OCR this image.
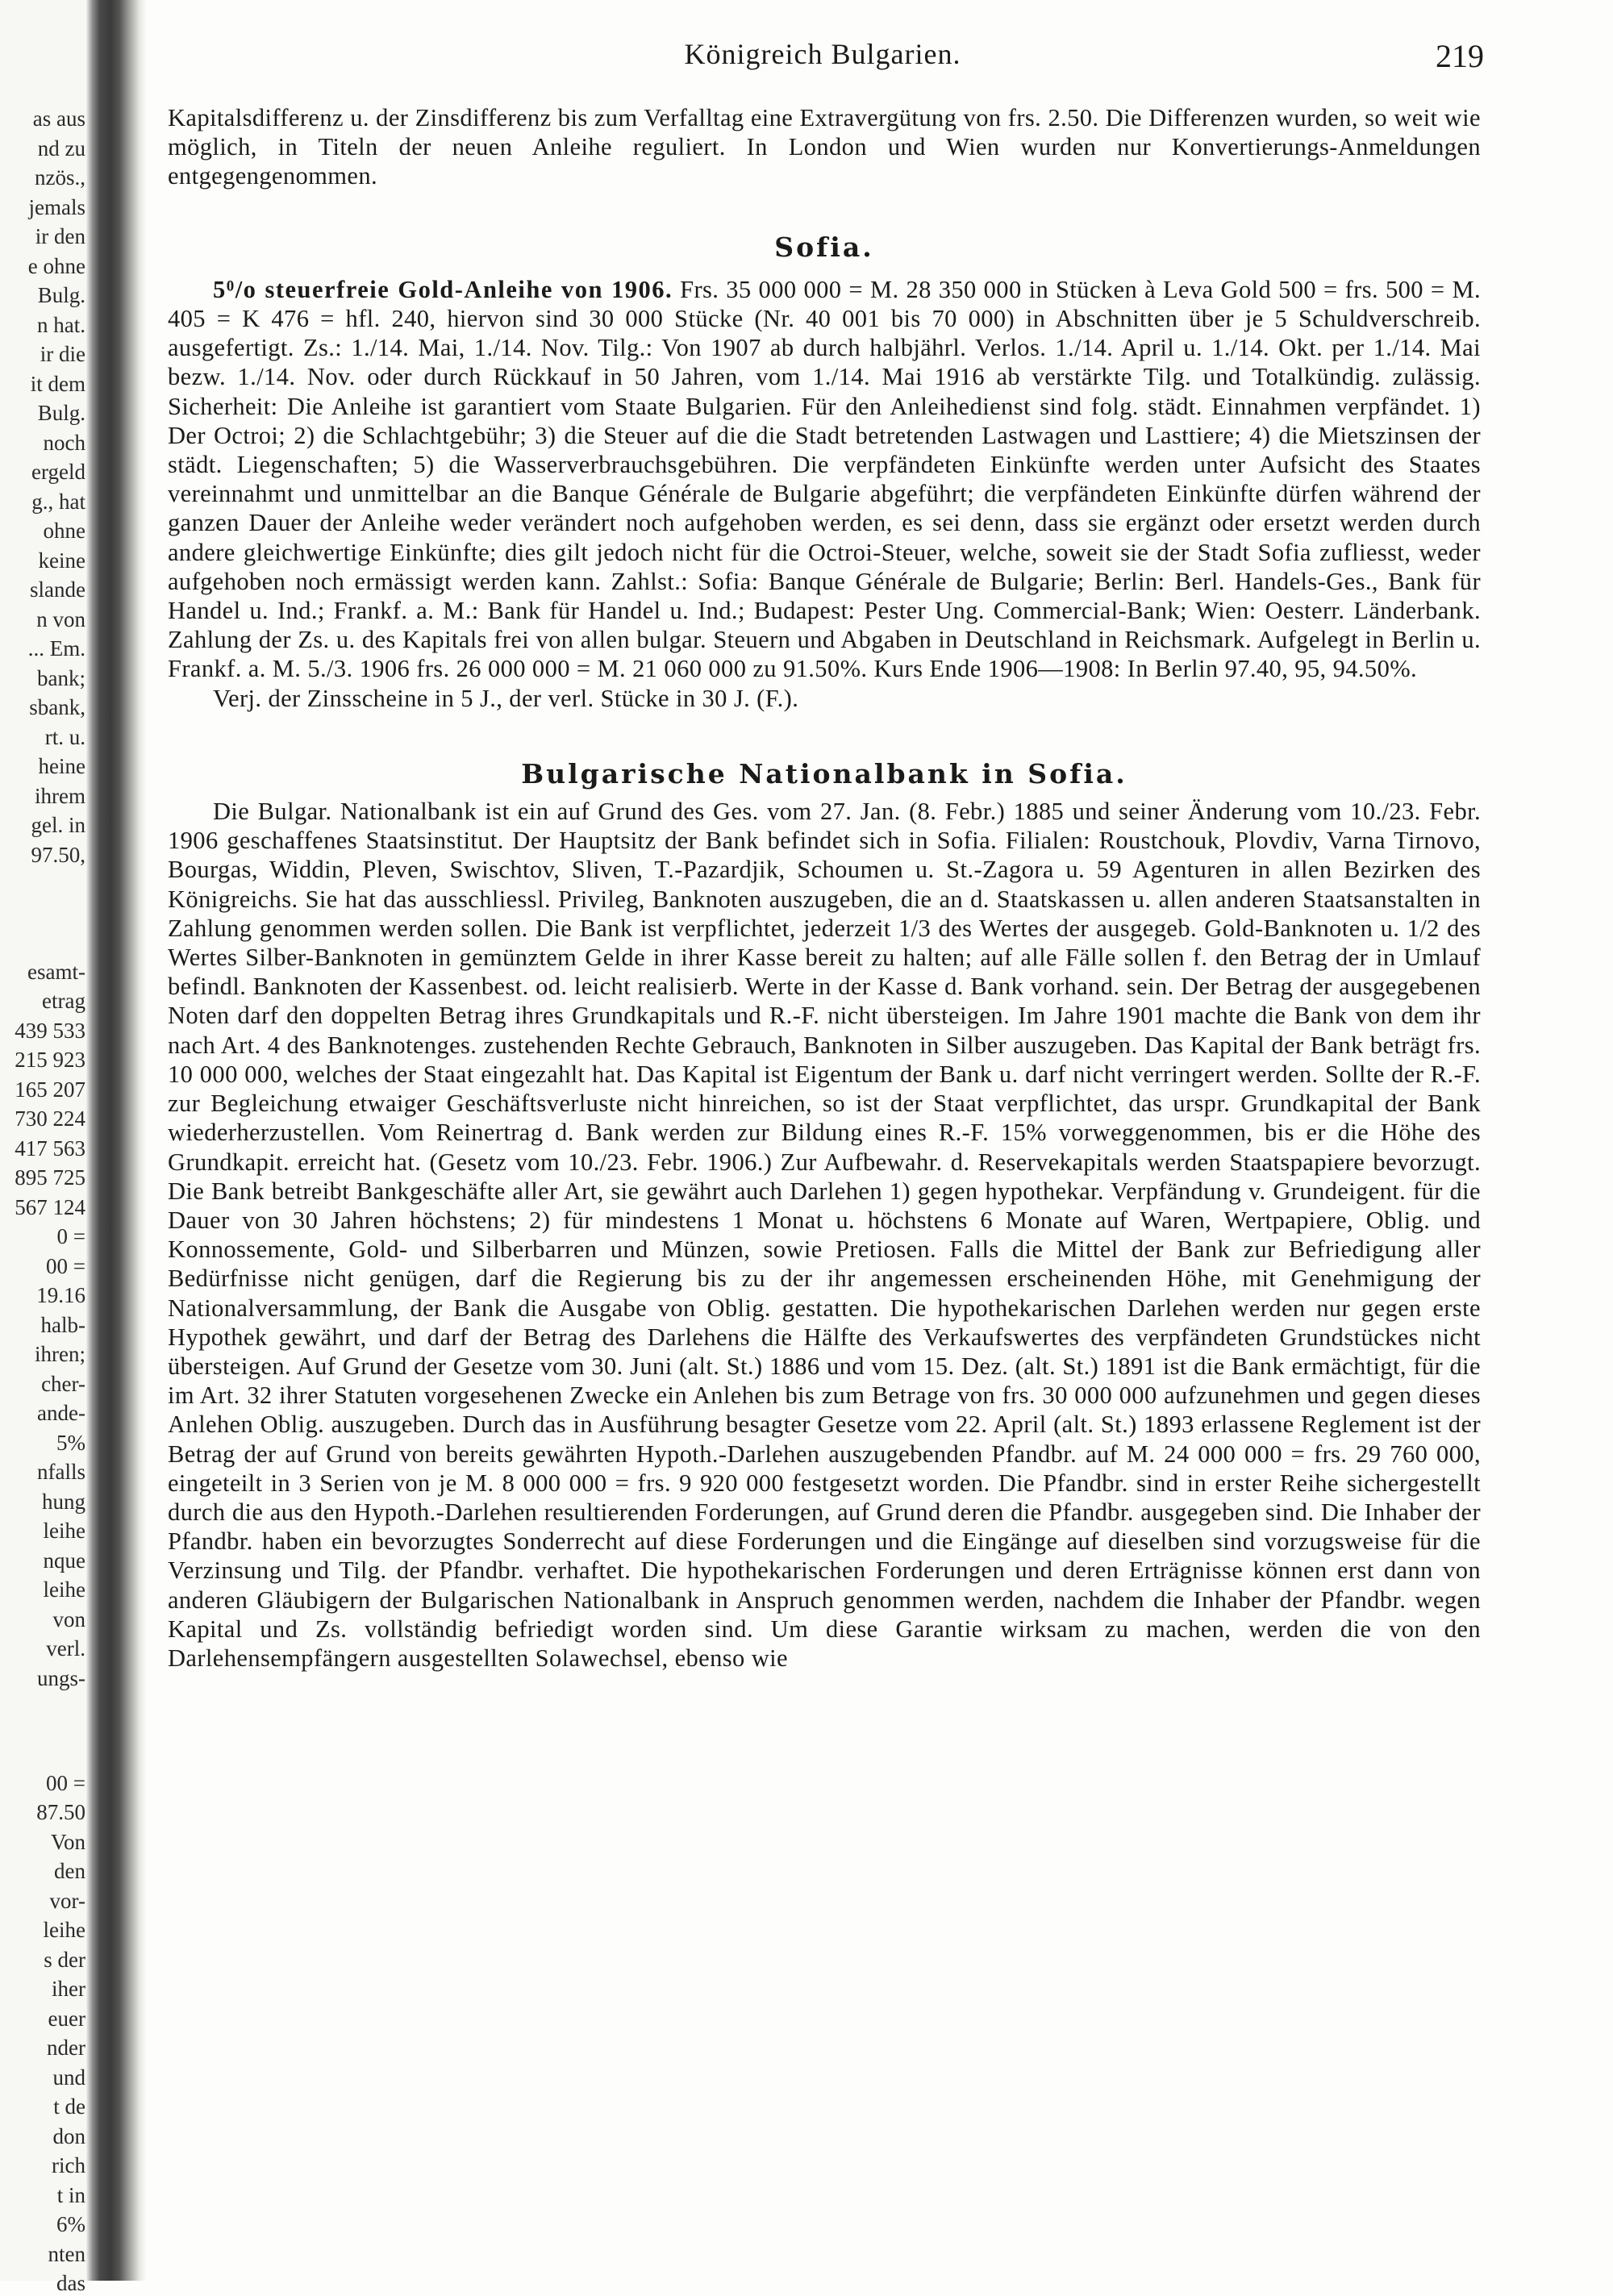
as aus
nd zu
nzös.,
jemals
ir den
e ohne
Bulg.
n hat.
ir die
it dem
Bulg.
noch
ergeld
g., hat
ohne
keine
slande
n von
... Em.
bank;
sbank,
rt. u.
heine
ihrem
gel. in
97.50,
esamt-
etrag
439 533
215 923
165 207
730 224
417 563
895 725
567 124
0 =
00 =
19.16
halb-
ihren;
cher-
ande-
5%
nfalls
hung
leihe
nque
leihe
von
verl.
ungs-
00 =
87.50
Von
den
vor-
leihe
s der
iher
euer
nder
und
t de
don
rich
t in
6%
nten
das
Königreich Bulgarien.	219

Kapitalsdifferenz u. der Zinsdifferenz bis zum Verfalltag eine Extravergütung von frs. 2.50. Die Differenzen wurden, so weit wie möglich, in Titeln der neuen Anleihe reguliert. In London und Wien wurden nur Konvertierungs-Anmeldungen entgegengenommen.

Sofia.

$5^0/o$ steuerfreie Gold-Anleihe von 1906. Frs. 35 000 000 = M. 28 350 000 in Stücken à Leva Gold 500 = frs. 500 = M. 405 = K 476 = hfl. 240, hiervon sind 30 000 Stücke (Nr. 40 001 bis 70 000) in Abschnitten über je 5 Schuldverschreib. ausgefertigt. Zs.: 1./14. Mai, 1./14. Nov. Tilg.: Von 1907 ab durch halbjährl. Verlos. 1./14. April u. 1./14. Okt. per 1./14. Mai bezw. 1./14. Nov. oder durch Rückkauf in 50 Jahren, vom 1./14. Mai 1916 ab verstärkte Tilg. und Totalkündig. zulässig. Sicherheit: Die Anleihe ist garantiert vom Staate Bulgarien. Für den Anleihedienst sind folg. städt. Einnahmen verpfändet. 1) Der Octroi; 2) die Schlachtgebühr; 3) die Steuer auf die die Stadt betretenden Lastwagen und Lasttiere; 4) die Mietszinsen der städt. Liegenschaften; 5) die Wasserverbrauchsgebühren. Die verpfändeten Einkünfte werden unter Aufsicht des Staates vereinnahmt und unmittelbar an die Banque Générale de Bulgarie abgeführt; die verpfändeten Einkünfte dürfen während der ganzen Dauer der Anleihe weder verändert noch aufgehoben werden, es sei denn, dass sie ergänzt oder ersetzt werden durch andere gleichwertige Einkünfte; dies gilt jedoch nicht für die Octroi-Steuer, welche, soweit sie der Stadt Sofia zufliesst, weder aufgehoben noch ermässigt werden kann. Zahlst.: Sofia: Banque Générale de Bulgarie; Berlin: Berl. Handels-Ges., Bank für Handel u. Ind.; Frankf. a. M.: Bank für Handel u. Ind.; Budapest: Pester Ung. Commercial-Bank; Wien: Oesterr. Länderbank. Zahlung der Zs. u. des Kapitals frei von allen bulgar. Steuern und Abgaben in Deutschland in Reichsmark. Aufgelegt in Berlin u. Frankf. a. M. 5./3. 1906 frs. 26 000 000 = M. 21 060 000 zu 91.50%. Kurs Ende 1906—1908: In Berlin 97.40, 95, 94.50%.

Verj. der Zinsscheine in 5 J., der verl. Stücke in 30 J. (F.).

Bulgarische Nationalbank in Sofia.

Die Bulgar. Nationalbank ist ein auf Grund des Ges. vom 27. Jan. (8. Febr.) 1885 und seiner Änderung vom 10./23. Febr. 1906 geschaffenes Staatsinstitut. Der Hauptsitz der Bank befindet sich in Sofia. Filialen: Roustchouk, Plovdiv, Varna Tirnovo, Bourgas, Widdin, Pleven, Swischtov, Sliven, T.-Pazardjik, Schoumen u. St.-Zagora u. 59 Agenturen in allen Bezirken des Königreichs. Sie hat das ausschliessl. Privileg, Banknoten auszugeben, die an d. Staatskassen u. allen anderen Staatsanstalten in Zahlung genommen werden sollen. Die Bank ist verpflichtet, jederzeit 1/3 des Wertes der ausgegeb. Gold-Banknoten u. 1/2 des Wertes Silber-Banknoten in gemünztem Gelde in ihrer Kasse bereit zu halten; auf alle Fälle sollen f. den Betrag der in Umlauf befindl. Banknoten der Kassenbest. od. leicht realisierb. Werte in der Kasse d. Bank vorhand. sein. Der Betrag der ausgegebenen Noten darf den doppelten Betrag ihres Grundkapitals und R.-F. nicht übersteigen. Im Jahre 1901 machte die Bank von dem ihr nach Art. 4 des Banknotenges. zustehenden Rechte Gebrauch, Banknoten in Silber auszugeben. Das Kapital der Bank beträgt frs. 10 000 000, welches der Staat eingezahlt hat. Das Kapital ist Eigentum der Bank u. darf nicht verringert werden. Sollte der R.-F. zur Begleichung etwaiger Geschäftsverluste nicht hinreichen, so ist der Staat verpflichtet, das urspr. Grundkapital der Bank wiederherzustellen. Vom Reinertrag d. Bank werden zur Bildung eines R.-F. 15% vorweggenommen, bis er die Höhe des Grundkapit. erreicht hat. (Gesetz vom 10./23. Febr. 1906.) Zur Aufbewahr. d. Reservekapitals werden Staatspapiere bevorzugt. Die Bank betreibt Bankgeschäfte aller Art, sie gewährt auch Darlehen 1) gegen hypothekar. Verpfändung v. Grundeigent. für die Dauer von 30 Jahren höchstens; 2) für mindestens 1 Monat u. höchstens 6 Monate auf Waren, Wertpapiere, Oblig. und Konnossemente, Gold- und Silberbarren und Münzen, sowie Pretiosen. Falls die Mittel der Bank zur Befriedigung aller Bedürfnisse nicht genügen, darf die Regierung bis zu der ihr angemessen erscheinenden Höhe, mit Genehmigung der Nationalversammlung, der Bank die Ausgabe von Oblig. gestatten. Die hypothekarischen Darlehen werden nur gegen erste Hypothek gewährt, und darf der Betrag des Darlehens die Hälfte des Verkaufswertes des verpfändeten Grundstückes nicht übersteigen. Auf Grund der Gesetze vom 30. Juni (alt. St.) 1886 und vom 15. Dez. (alt. St.) 1891 ist die Bank ermächtigt, für die im Art. 32 ihrer Statuten vorgesehenen Zwecke ein Anlehen bis zum Betrage von frs. 30 000 000 aufzunehmen und gegen dieses Anlehen Oblig. auszugeben. Durch das in Ausführung besagter Gesetze vom 22. April (alt. St.) 1893 erlassene Reglement ist der Betrag der auf Grund von bereits gewährten Hypoth.-Darlehen auszugebenden Pfandbr. auf M. 24 000 000 = frs. 29 760 000, eingeteilt in 3 Serien von je M. 8 000 000 = frs. 9 920 000 festgesetzt worden. Die Pfandbr. sind in erster Reihe sichergestellt durch die aus den Hypoth.-Darlehen resultierenden Forderungen, auf Grund deren die Pfandbr. ausgegeben sind. Die Inhaber der Pfandbr. haben ein bevorzugtes Sonderrecht auf diese Forderungen und die Eingänge auf dieselben sind vorzugsweise für die Verzinsung und Tilg. der Pfandbr. verhaftet. Die hypothekarischen Forderungen und deren Erträgnisse können erst dann von anderen Gläubigern der Bulgarischen Nationalbank in Anspruch genommen werden, nachdem die Inhaber der Pfandbr. wegen Kapital und Zs. vollständig befriedigt worden sind. Um diese Garantie wirksam zu machen, werden die von den Darlehensempfängern ausgestellten Solawechsel, ebenso wie
